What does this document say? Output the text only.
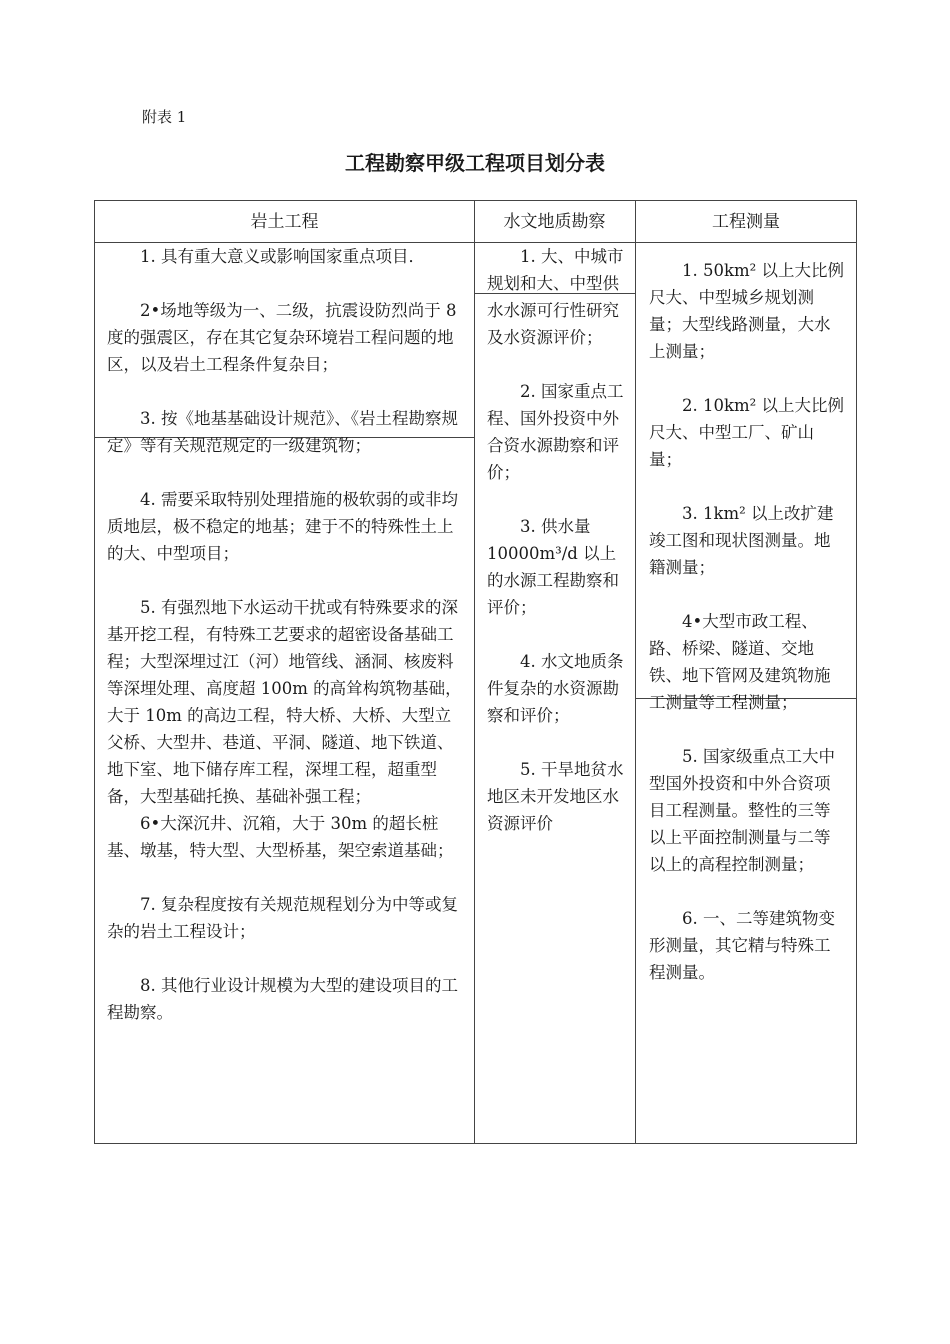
附表 1
工程勘察甲级工程项目划分表
岩土工程	水文地质勘察	工程测量

1. 具有重大意义或影响国家重点项目．

2•场地等级为一、二级，抗震设防烈尚于 8 度的强震区，存在其它复杂环境岩工程问题的地区，以及岩土工程条件复杂目；

3. 按《地基基础设计规范》、《岩土程勘察规定》等有关规范规定的一级建筑物；

4. 需要采取特别处理措施的极软弱的或非均质地层，极不稳定的地基；建于不的特殊性土上的大、中型项目；

5. 有强烈地下水运动干扰或有特殊要求的深基开挖工程，有特殊工艺要求的超密设备基础工程；大型深埋过江（河）地管线、涵洞、核废料等深埋处理、高度超 100m 的高耸构筑物基础，大于 10m 的高边工程，特大桥、大桥、大型立父桥、大型井、巷道、平洞、隧道、地下铁道、地下室、地下储存库工程，深埋工程，超重型备，大型基础托换、基础补强工程；

6•大深沉井、沉箱，大于 30m 的超长桩基、墩基，特大型、大型桥基，架空索道基础；

7. 复杂程度按有关规范规程划分为中等或复杂的岩土工程设计；

8. 其他行业设计规模为大型的建设项目的工程勘察。

1. 大、中城市规划和大、中型供水水源可行性研究及水资源评价；

2. 国家重点工程、国外投资中外合资水源勘察和评价；

3. 供水量 10000m³/d 以上的水源工程勘察和评价；

4. 水文地质条件复杂的水资源勘察和评价；

5. 干旱地贫水地区未开发地区水资源评价

1. 50km² 以上大比例尺大、中型城乡规划测量；大型线路测量，大水上测量；

2. 10km² 以上大比例尺大、中型工厂、矿山量；

3. 1km² 以上改扩建竣工图和现状图测量。地籍测量；

4•大型市政工程、路、桥梁、隧道、交地铁、地下管网及建筑物施工测量等工程测量；

5. 国家级重点工大中型国外投资和中外合资项目工程测量。整性的三等以上平面控制测量与二等以上的高程控制测量；

6. 一、二等建筑物变形测量，其它精与特殊工程测量。
